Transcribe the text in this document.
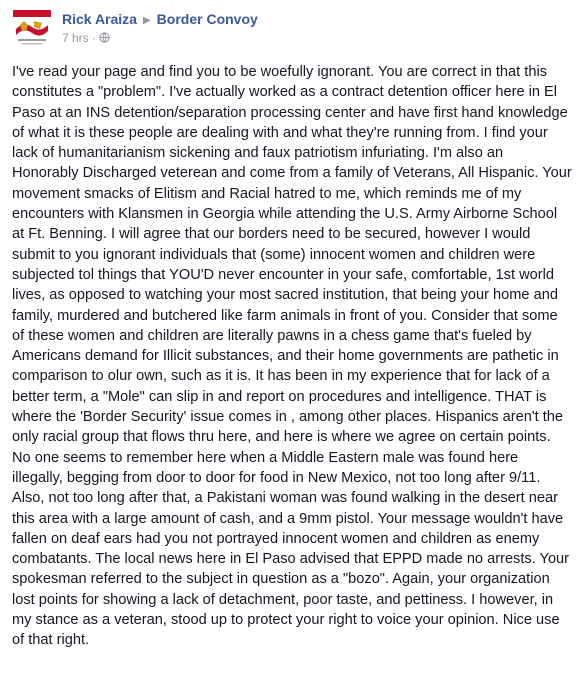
Rick Araiza ▶ Border Convoy
7 hrs ·
I've read your page and find you to be woefully ignorant. You are correct in that this constitutes a "problem". I've actually worked as a contract detention officer here in El Paso at an INS detention/separation processing center and have first hand knowledge of what it is these people are dealing with and what they're running from. I find your lack of humanitarianism sickening and faux patriotism infuriating. I'm also an Honorably Discharged veterean and come from a family of Veterans, All Hispanic. Your movement smacks of Elitism and Racial hatred to me, which reminds me of my encounters with Klansmen in Georgia while attending the U.S. Army Airborne School at Ft. Benning. I will agree that our borders need to be secured, however I would submit to you ignorant individuals that (some) innocent women and children were subjected tol things that YOU'D never encounter in your safe, comfortable, 1st world lives, as opposed to watching your most sacred institution, that being your home and family, murdered and butchered like farm animals in front of you. Consider that some of these women and children are literally pawns in a chess game that's fueled by Americans demand for Illicit substances, and their home governments are pathetic in comparison to olur own, such as it is. It has been in my experience that for lack of a better term, a "Mole" can slip in and report on procedures and intelligence. THAT is where the 'Border Security' issue comes in , among other places. Hispanics aren't the only racial group that flows thru here, and here is where we agree on certain points. No one seems to remember here when a Middle Eastern male was found here illegally, begging from door to door for food in New Mexico, not too long after 9/11. Also, not too long after that, a Pakistani woman was found walking in the desert near this area with a large amount of cash, and a 9mm pistol. Your message wouldn't have fallen on deaf ears had you not portrayed innocent women and children as enemy combatants. The local news here in El Paso advised that EPPD made no arrests. Your spokesman referred to the subject in question as a "bozo". Again, your organization lost points for showing a lack of detachment, poor taste, and pettiness. I however, in my stance as a veteran, stood up to protect your right to voice your opinion. Nice use of that right.
